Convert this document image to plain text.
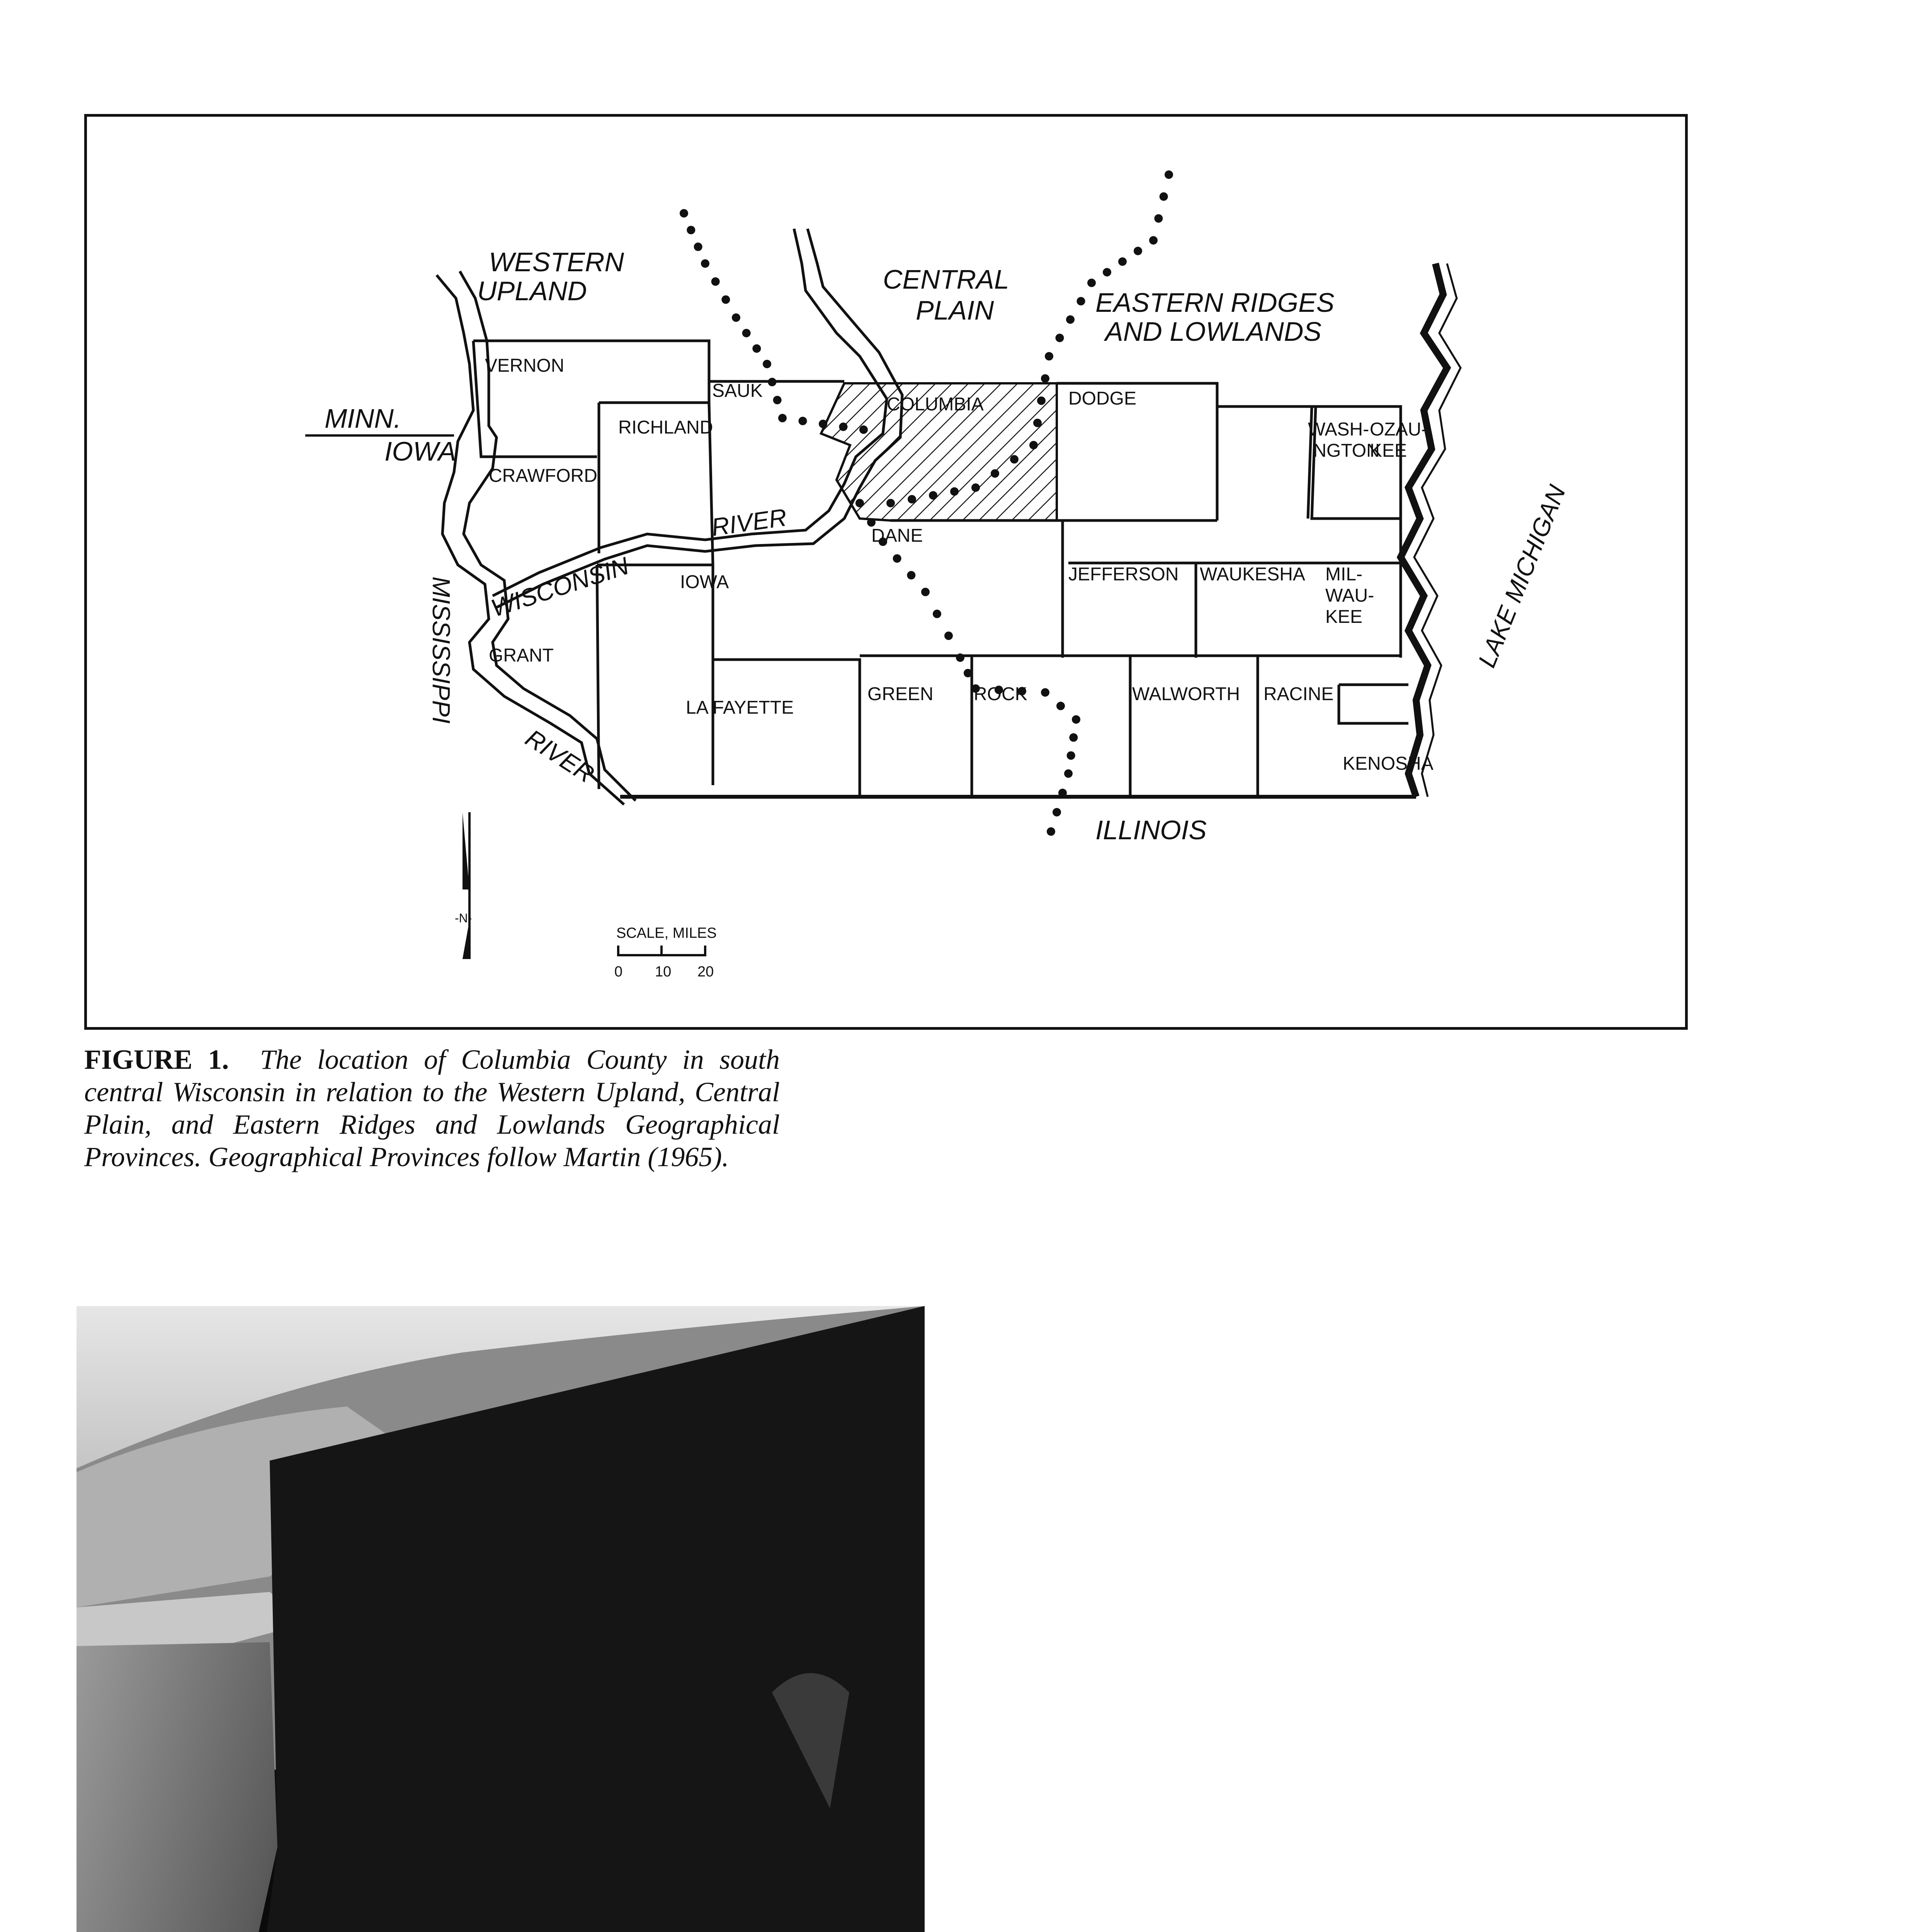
WESTERN
UPLAND	CENTRAL
PLAIN	EASTERN RIDGES
AND LOWLANDS
MINN.
IOWA
ILLINOIS
VERNON
SAUK
COLUMBIA	DODGE
RICHLAND
CRAWFORD
WASH-
INGTON
OZAU-
KEE
DANE
IOWA	JEFFERSON WAUKESHA MIL-
WAU-
KEE
GRANT
LA FAYETTE
GREEN ROCK	WALWORTH RACINE
KENOSHA
WISCONSIN
RIVER
MISSISSIPPI
RIVER
LAKE MICHIGAN
-N-
SCALE, MILES
0 10 20
FIGURE 1. The location of Columbia County in south central Wisconsin in relation to the Western Upland, Central Plain, and Eastern Ridges and Lowlands Geographical Provinces. Geographical Provinces follow Martin (1965).
